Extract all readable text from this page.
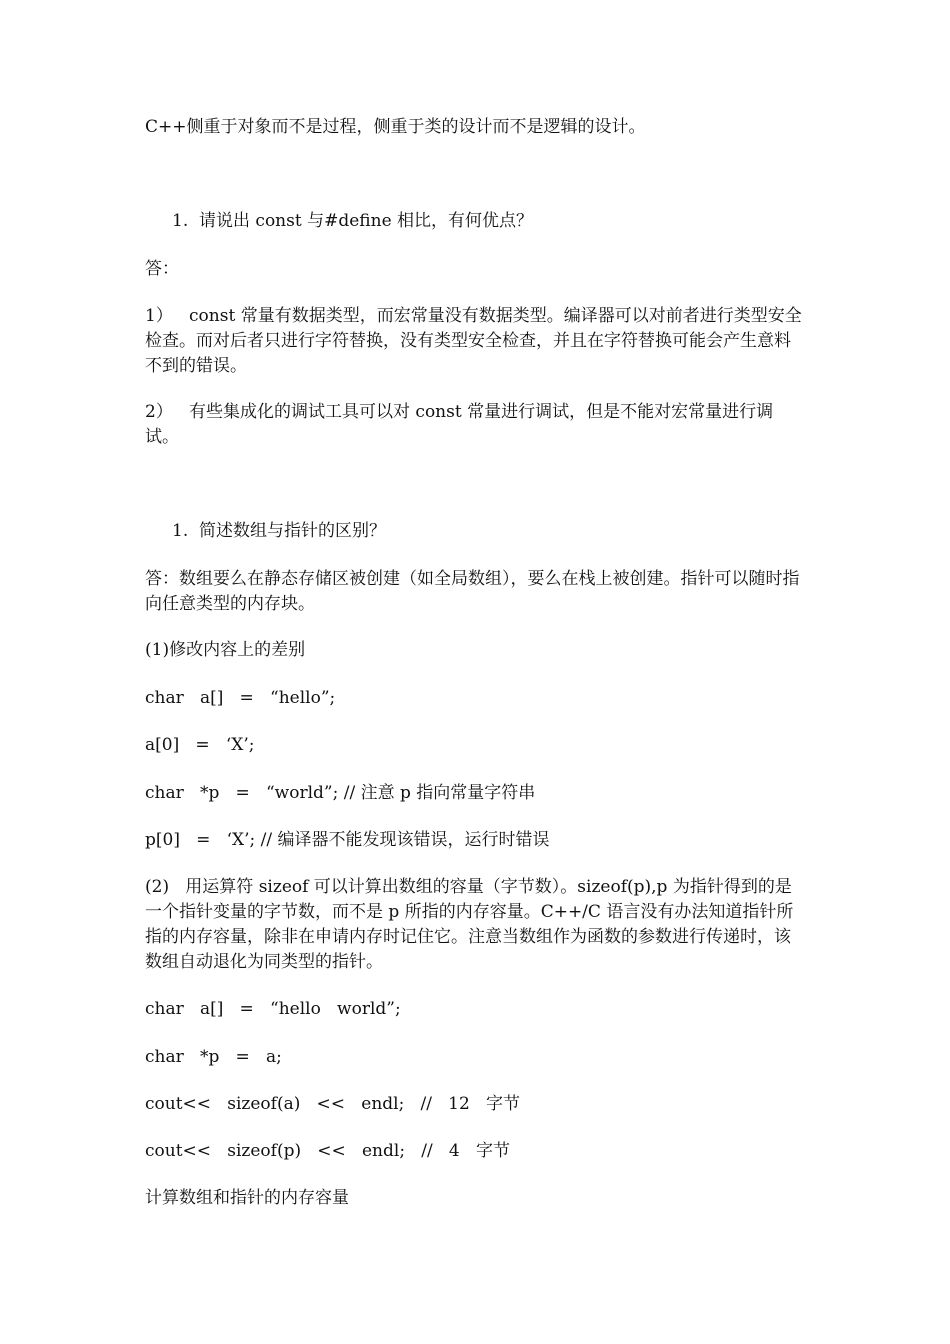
C++侧重于对象而不是过程，侧重于类的设计而不是逻辑的设计。

1.  请说出 const 与#define 相比，有何优点？

答：

1）   const 常量有数据类型，而宏常量没有数据类型。编译器可以对前者进行类型安全检查。而对后者只进行字符替换，没有类型安全检查，并且在字符替换可能会产生意料不到的错误。

2）   有些集成化的调试工具可以对 const 常量进行调试，但是不能对宏常量进行调试。

1.  简述数组与指针的区别？

答：数组要么在静态存储区被创建（如全局数组），要么在栈上被创建。指针可以随时指向任意类型的内存块。

(1)修改内容上的差别

char   a[]   =   “hello”;

a[0]   =   ‘X’;

char   *p   =   “world”; // 注意 p 指向常量字符串

p[0]   =   ‘X’; // 编译器不能发现该错误，运行时错误

(2)   用运算符 sizeof 可以计算出数组的容量（字节数）。sizeof(p),p 为指针得到的是一个指针变量的字节数，而不是 p 所指的内存容量。C++/C 语言没有办法知道指针所指的内存容量，除非在申请内存时记住它。注意当数组作为函数的参数进行传递时，该数组自动退化为同类型的指针。

char   a[]   =   “hello   world”;

char   *p   =   a;

cout<<   sizeof(a)   <<   endl;   //   12   字节

cout<<   sizeof(p)   <<   endl;   //   4   字节

计算数组和指针的内存容量
